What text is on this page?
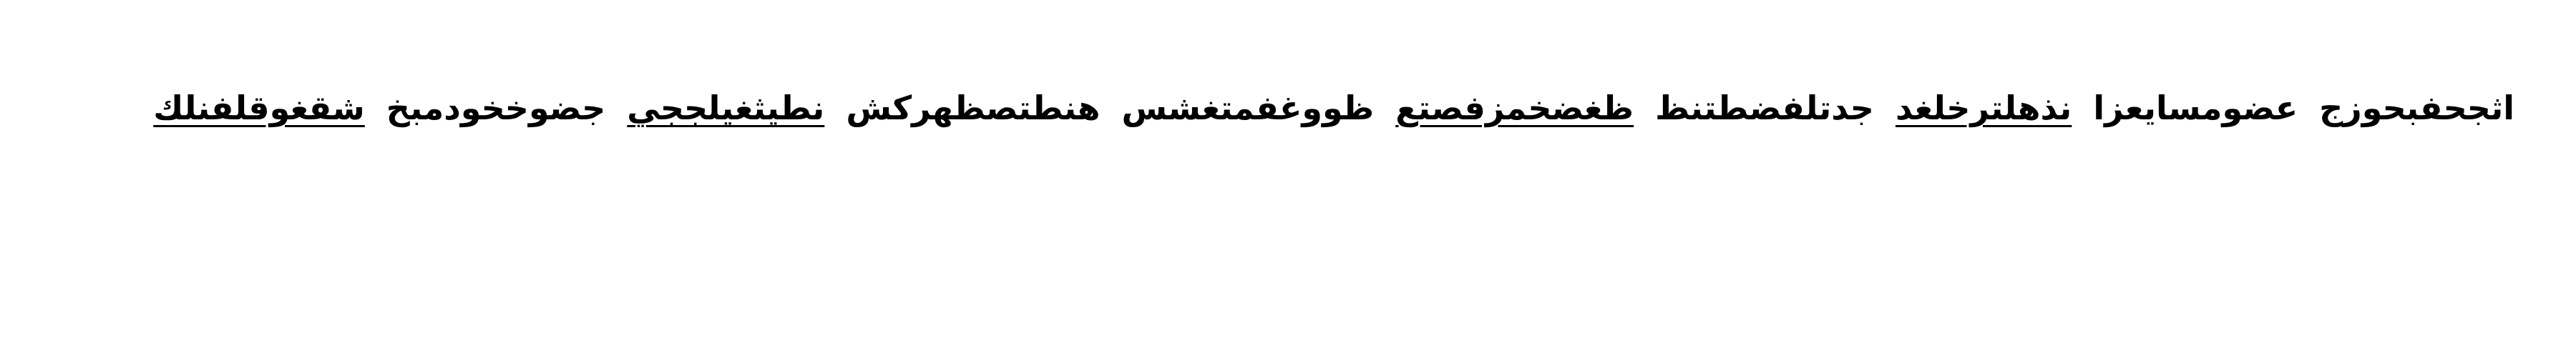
شقغوقلفنلك جضوخخودمبخ نطيثغيلججي هنطتصظهركش ظووغفمتغشس ظغضخمزفصتع جدتلفضطتنظ نذهلترخلغد عضومسايعزا اثجحفبحوزج
